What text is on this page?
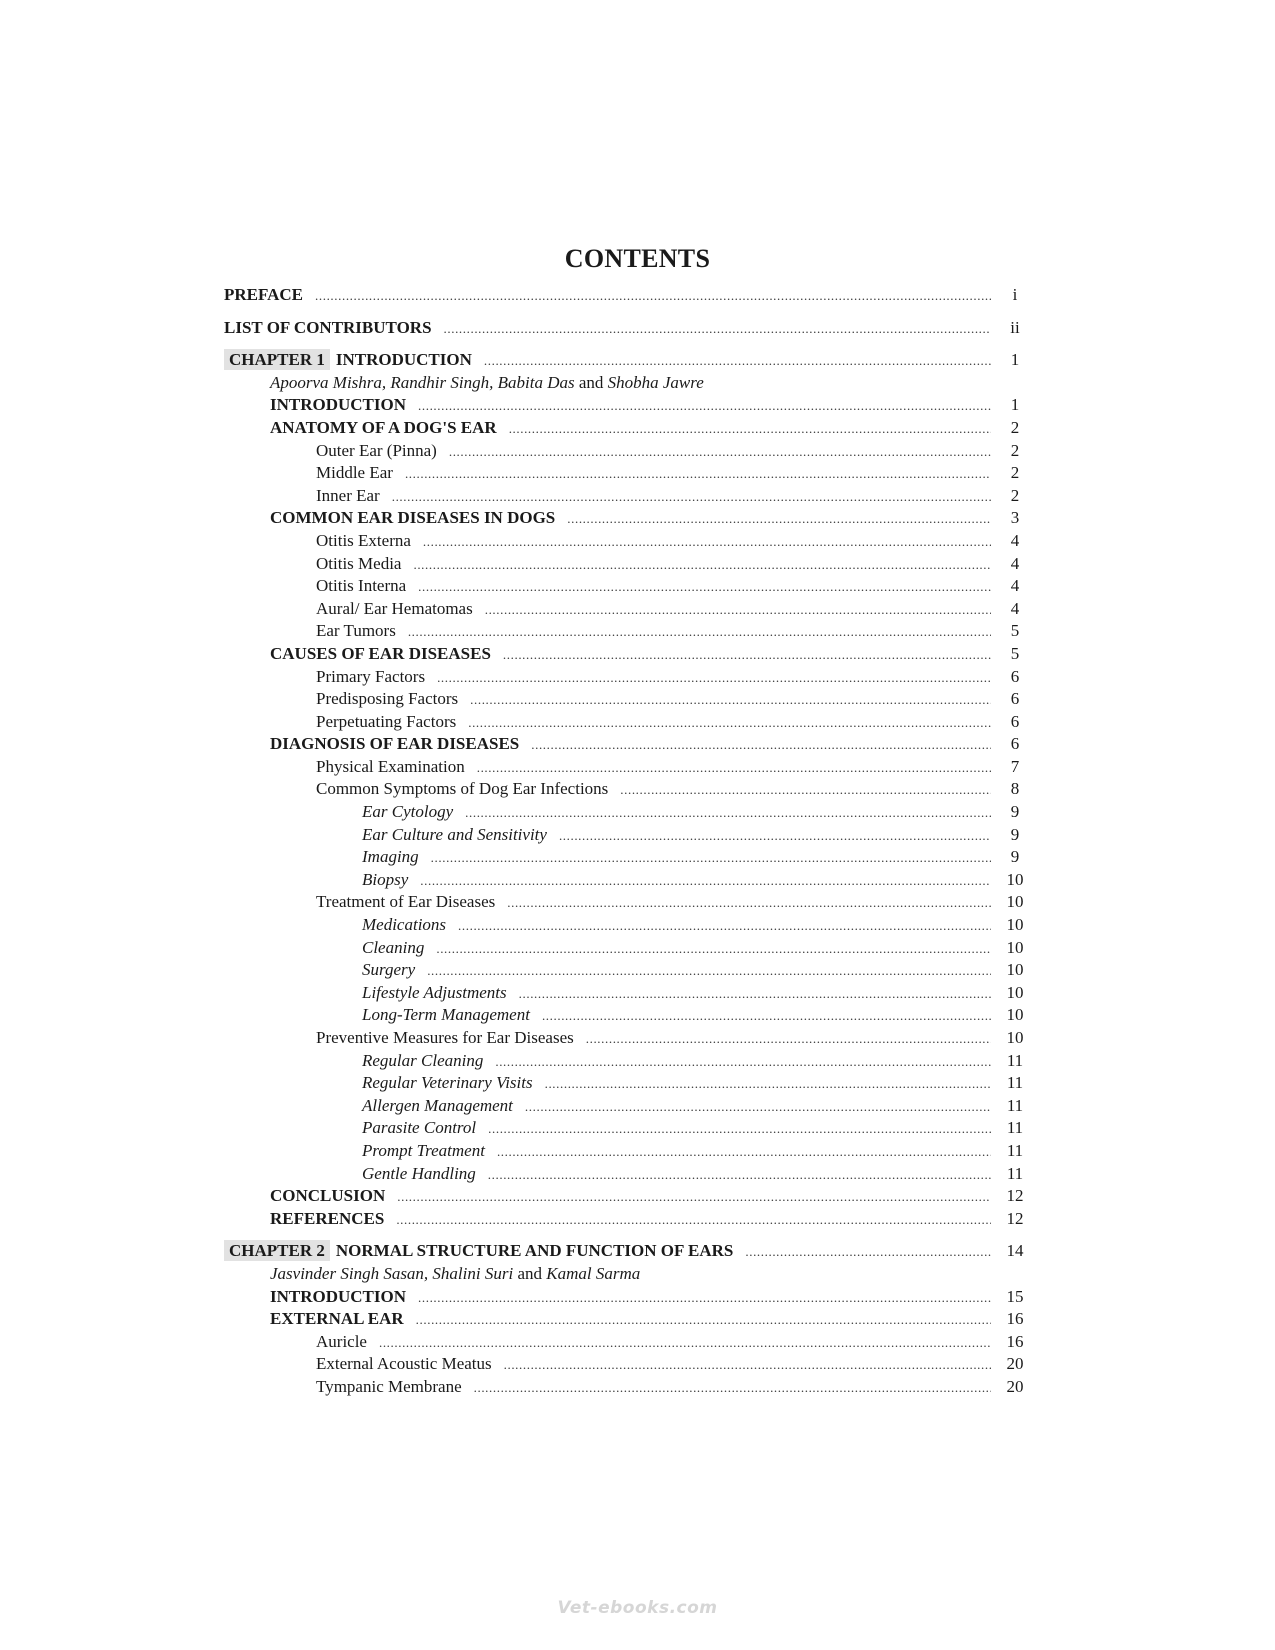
CONTENTS
PREFACE .....	i
LIST OF CONTRIBUTORS .....	ii
CHAPTER 1 INTRODUCTION .....	1
Apoorva Mishra, Randhir Singh, Babita Das and Shobha Jawre
INTRODUCTION .....	1
ANATOMY OF A DOG'S EAR .....	2
Outer Ear (Pinna) .....	2
Middle Ear .....	2
Inner Ear .....	2
COMMON EAR DISEASES IN DOGS .....	3
Otitis Externa .....	4
Otitis Media .....	4
Otitis Interna .....	4
Aural/ Ear Hematomas .....	4
Ear Tumors .....	5
CAUSES OF EAR DISEASES .....	5
Primary Factors .....	6
Predisposing Factors .....	6
Perpetuating Factors .....	6
DIAGNOSIS OF EAR DISEASES .....	6
Physical Examination .....	7
Common Symptoms of Dog Ear Infections .....	8
Ear Cytology .....	9
Ear Culture and Sensitivity .....	9
Imaging .....	9
Biopsy .....	10
Treatment of Ear Diseases .....	10
Medications .....	10
Cleaning .....	10
Surgery .....	10
Lifestyle Adjustments .....	10
Long-Term Management .....	10
Preventive Measures for Ear Diseases .....	10
Regular Cleaning .....	11
Regular Veterinary Visits .....	11
Allergen Management .....	11
Parasite Control .....	11
Prompt Treatment .....	11
Gentle Handling .....	11
CONCLUSION .....	12
REFERENCES .....	12
CHAPTER 2 NORMAL STRUCTURE AND FUNCTION OF EARS .....	14
Jasvinder Singh Sasan, Shalini Suri and Kamal Sarma
INTRODUCTION .....	15
EXTERNAL EAR .....	16
Auricle .....	16
External Acoustic Meatus .....	20
Tympanic Membrane .....	20
Vet-ebooks.com
